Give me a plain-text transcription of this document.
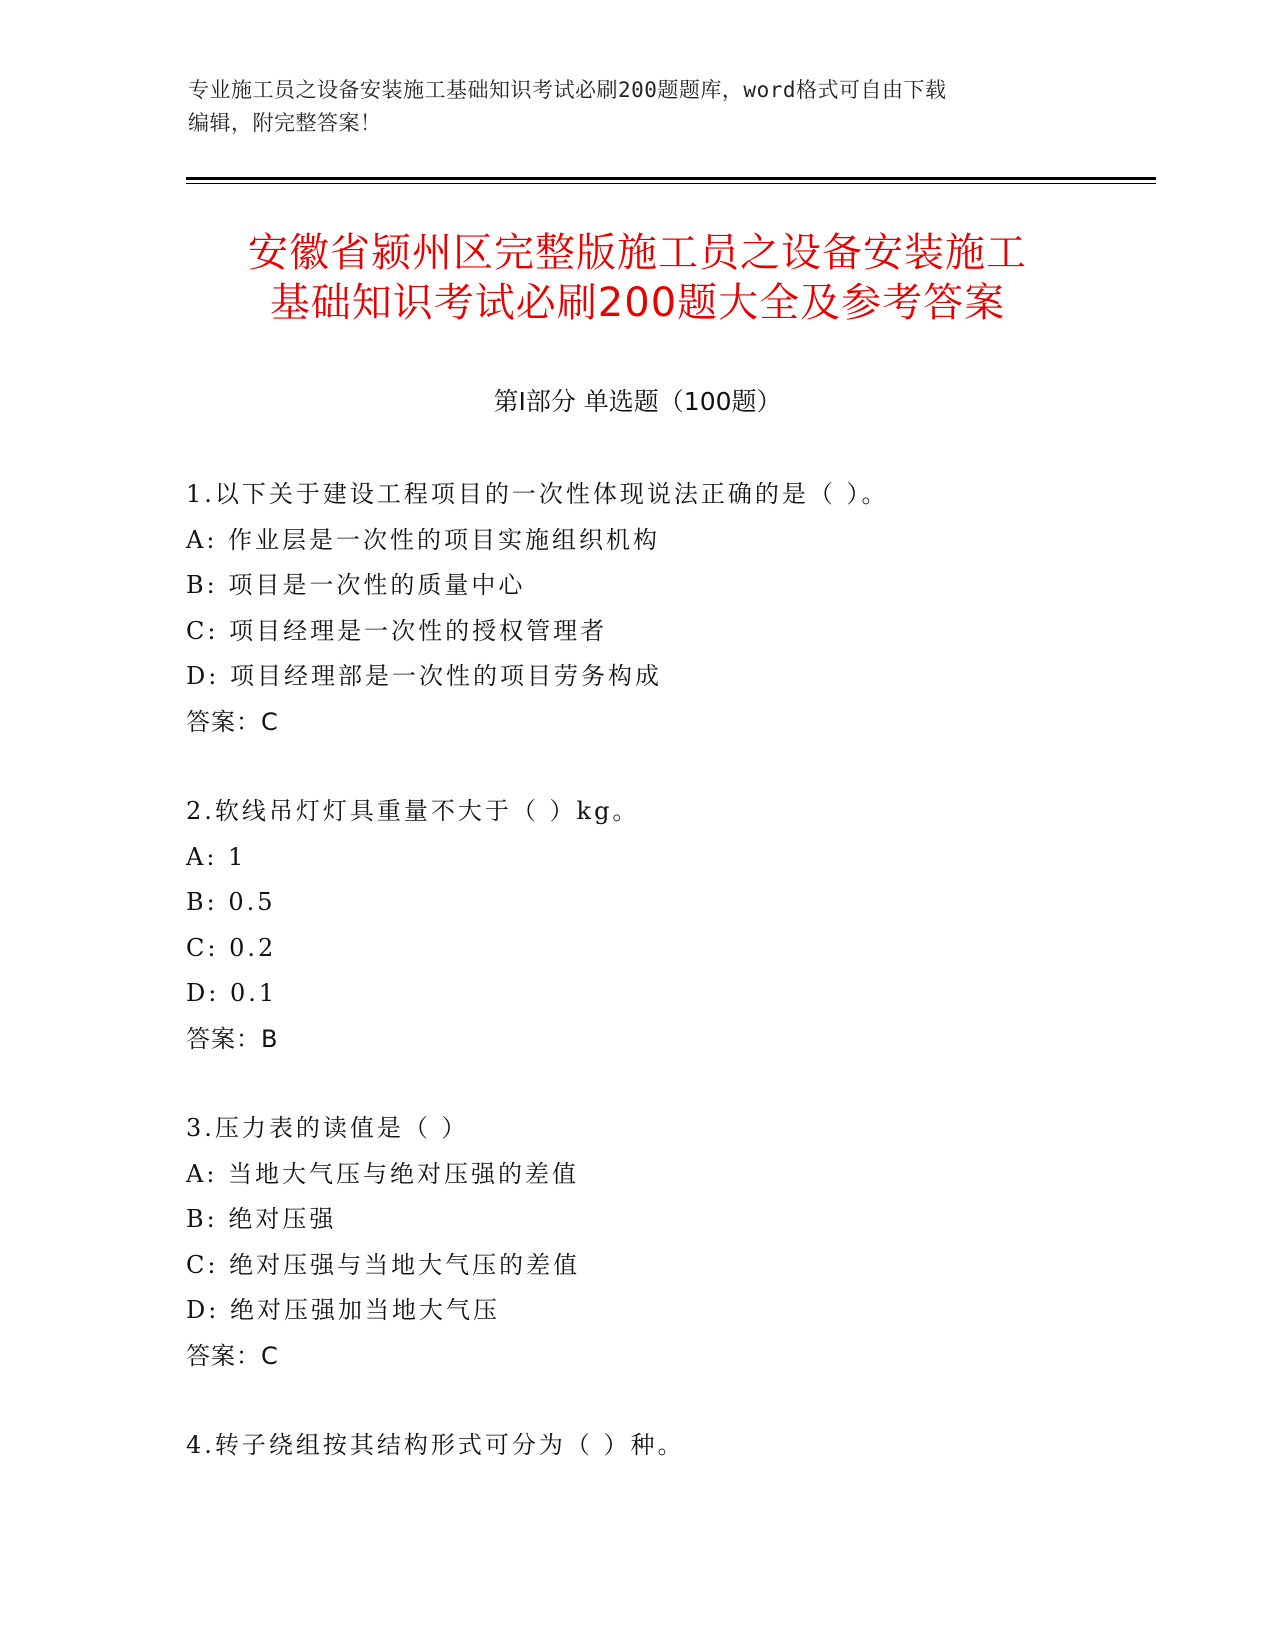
专业施工员之设备安装施工基础知识考试必刷200题题库，word格式可自由下载
编辑，附完整答案！
安徽省颍州区完整版施工员之设备安装施工
基础知识考试必刷200题大全及参考答案
第Ⅰ部分 单选题（100题）
1.以下关于建设工程项目的一次性体现说法正确的是（ ）。
A: 作业层是一次性的项目实施组织机构
B: 项目是一次性的质量中心
C: 项目经理是一次性的授权管理者
D: 项目经理部是一次性的项目劳务构成
答案：C
2.软线吊灯灯具重量不大于（ ）kg。
A: 1
B: 0.5
C: 0.2
D: 0.1
答案：B
3.压力表的读值是（ ）
A: 当地大气压与绝对压强的差值
B: 绝对压强
C: 绝对压强与当地大气压的差值
D: 绝对压强加当地大气压
答案：C
4.转子绕组按其结构形式可分为（ ）种。
